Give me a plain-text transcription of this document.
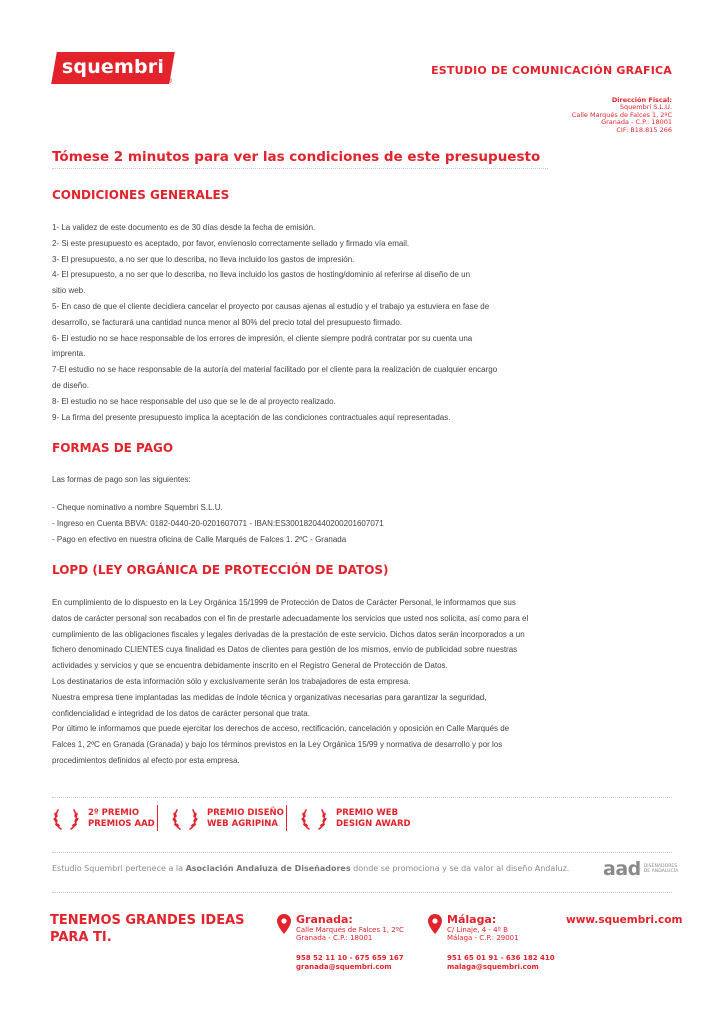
squembri
®
ESTUDIO DE COMUNICACIÓN GRAFICA
Dirección Fiscal:
Squembri S.L.U.
Calle Marqués de Falces 1, 2ºC
Granada - C.P.: 18001
CIF: B18.815 266
Tómese 2 minutos para ver las condiciones de este presupuesto
CONDICIONES GENERALES
1- La validez de este documento es de 30 días desde la fecha de emisión.
2- Si este presupuesto es aceptado, por favor, envíenoslo correctamente sellado y firmado vía email.
3- El presupuesto, a no ser que lo describa, no lleva incluido los gastos de impresión.
4- El presupuesto, a no ser que lo describa, no lleva incluido los gastos de hosting/dominio al referirse al diseño de un
sitio web.
5- En caso de que el cliente decidiera cancelar el proyecto por causas ajenas al estudio y el trabajo ya estuviera en fase de
desarrollo, se facturará una cantidad nunca menor al 80% del precio total del presupuesto firmado.
6- El estudio no se hace responsable de los errores de impresión, el cliente siempre podrá contratar por su cuenta una
imprenta.
7-El estudio no se hace responsable de la autoría del material facilitado por el cliente para la realización de cualquier encargo
de diseño.
8- El estudio no se hace responsable del uso que se le de al proyecto realizado.
9- La firma del presente presupuesto implica la aceptación de las condiciones contractuales aquí representadas.
FORMAS DE PAGO
Las formas de pago son las siguientes:
- Cheque nominativo a nombre Squembri S.L.U.
- Ingreso en Cuenta BBVA: 0182-0440-20-0201607071 - IBAN:ES3001820440200201607071
- Pago en efectivo en nuestra oficina de Calle Marqués de Falces 1. 2ºC - Granada
LOPD (LEY ORGÁNICA DE PROTECCIÓN DE DATOS)
En cumplimiento de lo dispuesto en la Ley Orgánica 15/1999 de Protección de Datos de Carácter Personal, le informamos que sus
datos de carácter personal son recabados con el fin de prestarle adecuadamente los servicios que usted nos solicita, así como para el
cumplimiento de las obligaciones fiscales y legales derivadas de la prestación de este servicio. Dichos datos serán incorporados a un
fichero denominado CLIENTES cuya finalidad es Datos de clientes para gestión de los mismos, envío de publicidad sobre nuestras
actividades y servicios y que se encuentra debidamente inscrito en el Registro General de Protección de Datos.
Los destinatarios de esta información sólo y exclusivamente serán los trabajadores de esta empresa.
Nuestra empresa tiene implantadas las medidas de índole técnica y organizativas necesarias para garantizar la seguridad,
confidencialidad e integridad de los datos de carácter personal que trata.
Por último le informamos que puede ejercitar los derechos de acceso, rectificación, cancelación y oposición en Calle Marqués de
Falces 1, 2ºC en Granada (Granada) y bajo los términos previstos en la Ley Orgánica 15/99 y normativa de desarrollo y por los
procedimientos definidos al efecto por esta empresa.
2º PREMIO
PREMIOS AAD
PREMIO DISEÑO
WEB AGRIPINA
PREMIO WEB
DESIGN AWARD
Estudio Squembri pertenece a la Asociación Andaluza de Diseñadores donde se promociona y se da valor al diseño Andaluz. aad DISEÑADORES
DE ANDALUCÍA
TENEMOS GRANDES IDEAS
PARA TI.
Granada:
Calle Marqués de Falces 1, 2ºC
Granada - C.P.: 18001
958 52 11 10 - 675 659 167
granada@squembri.com
Málaga:
C/ Linaje, 4 - 4º B
Málaga - C.P.: 29001
951 65 01 91 - 636 182 410
malaga@squembri.com
www.squembri.com
